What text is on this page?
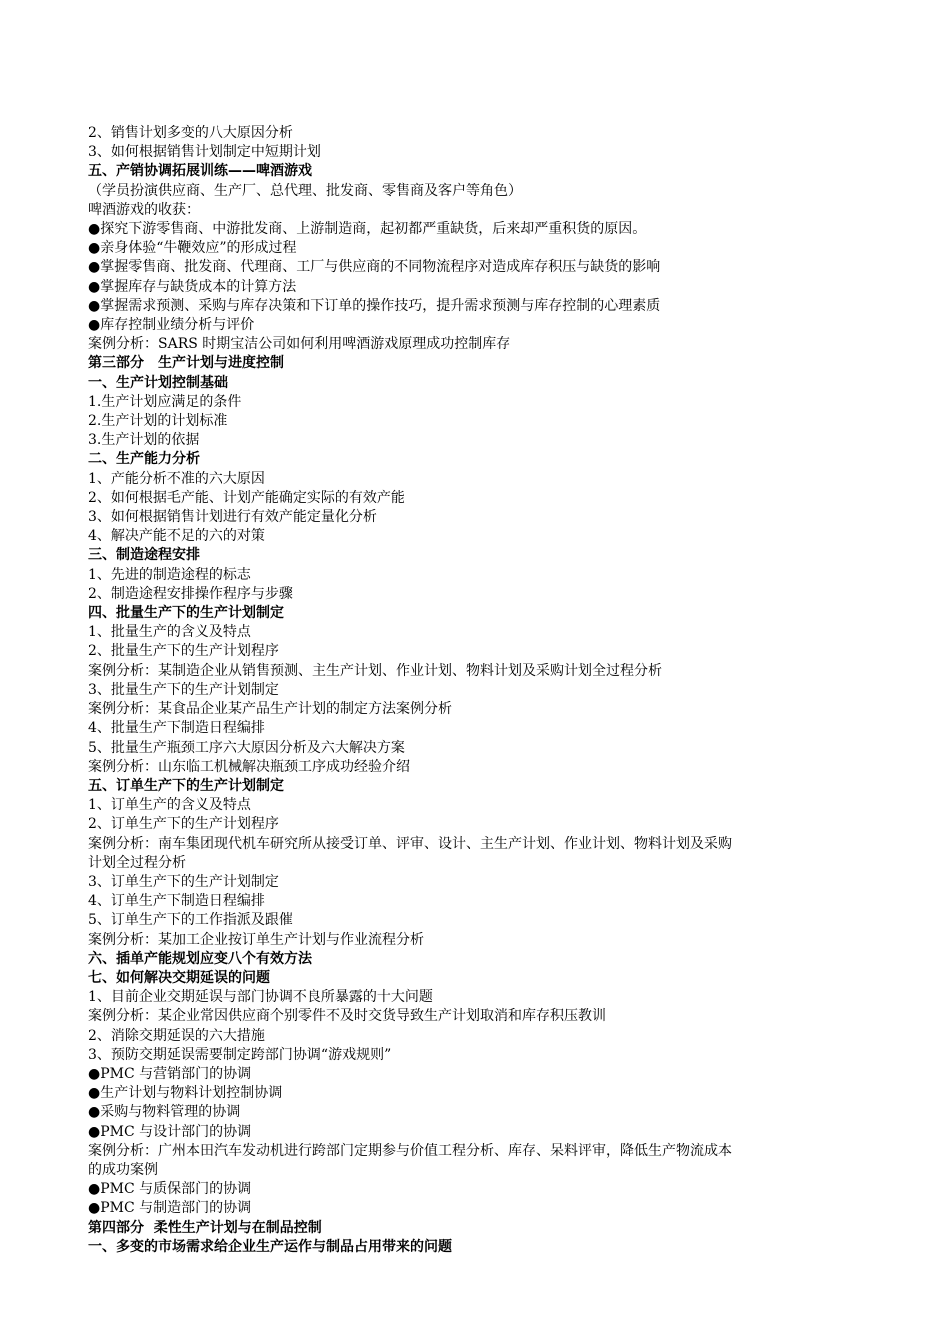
2、销售计划多变的八大原因分析

3、如何根据销售计划制定中短期计划

五、产销协调拓展训练——啤酒游戏

（学员扮演供应商、生产厂、总代理、批发商、零售商及客户等角色）

啤酒游戏的收获：

●探究下游零售商、中游批发商、上游制造商，起初都严重缺货，后来却严重积货的原因。

●亲身体验“牛鞭效应”的形成过程

●掌握零售商、批发商、代理商、工厂与供应商的不同物流程序对造成库存积压与缺货的影响

●掌握库存与缺货成本的计算方法

●掌握需求预测、采购与库存决策和下订单的操作技巧，提升需求预测与库存控制的心理素质

●库存控制业绩分析与评价

案例分析：SARS 时期宝洁公司如何利用啤酒游戏原理成功控制库存

第三部分　生产计划与进度控制

一、生产计划控制基础

1.生产计划应满足的条件

2.生产计划的计划标准

3.生产计划的依据

二、生产能力分析

1、产能分析不准的六大原因

2、如何根据毛产能、计划产能确定实际的有效产能

3、如何根据销售计划进行有效产能定量化分析

4、解决产能不足的六的对策

三、制造途程安排

1、先进的制造途程的标志

2、制造途程安排操作程序与步骤

四、批量生产下的生产计划制定

1、批量生产的含义及特点

2、批量生产下的生产计划程序

案例分析：某制造企业从销售预测、主生产计划、作业计划、物料计划及采购计划全过程分析

3、批量生产下的生产计划制定

案例分析：某食品企业某产品生产计划的制定方法案例分析

4、批量生产下制造日程编排

5、批量生产瓶颈工序六大原因分析及六大解决方案

案例分析：山东临工机械解决瓶颈工序成功经验介绍

五、订单生产下的生产计划制定

1、订单生产的含义及特点

2、订单生产下的生产计划程序

案例分析：南车集团现代机车研究所从接受订单、评审、设计、主生产计划、作业计划、物料计划及采购

计划全过程分析

3、订单生产下的生产计划制定

4、订单生产下制造日程编排

5、订单生产下的工作指派及跟催

案例分析：某加工企业按订单生产计划与作业流程分析

六、插单产能规划应变八个有效方法

七、如何解决交期延误的问题

1、目前企业交期延误与部门协调不良所暴露的十大问题

案例分析：某企业常因供应商个别零件不及时交货导致生产计划取消和库存积压教训

2、消除交期延误的六大措施

3、预防交期延误需要制定跨部门协调“游戏规则”

●PMC 与营销部门的协调

●生产计划与物料计划控制协调

●采购与物料管理的协调

●PMC 与设计部门的协调

案例分析：广州本田汽车发动机进行跨部门定期参与价值工程分析、库存、呆料评审，降低生产物流成本

的成功案例

●PMC 与质保部门的协调

●PMC 与制造部门的协调

第四部分  柔性生产计划与在制品控制

一、多变的市场需求给企业生产运作与制品占用带来的问题
